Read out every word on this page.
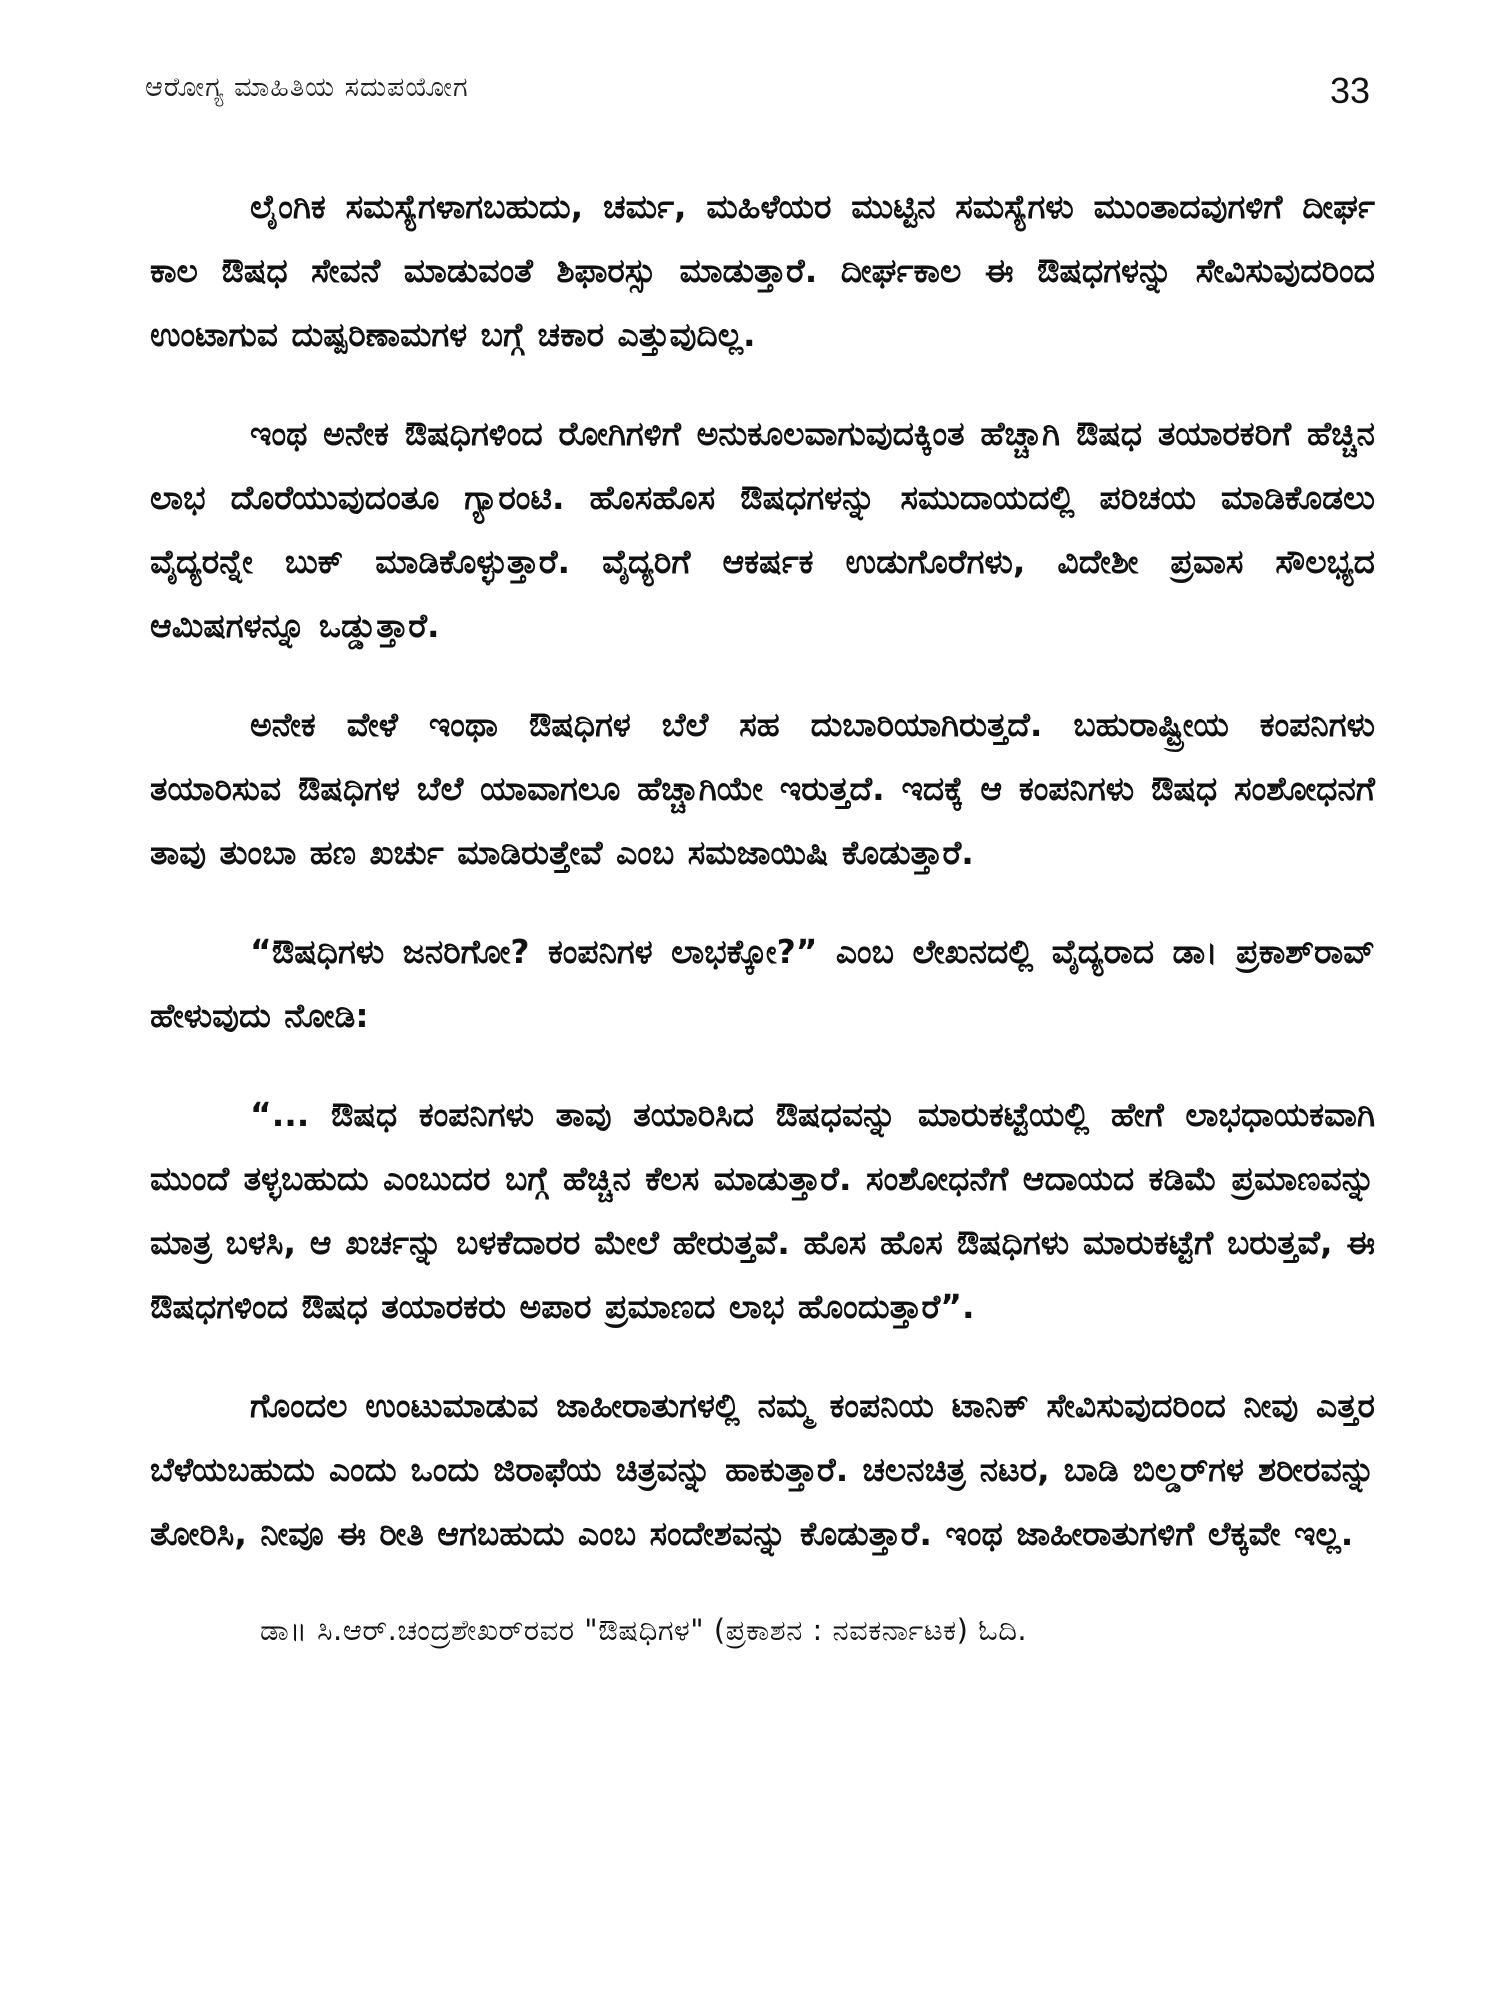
ಆರೋಗ್ಯ ಮಾಹಿತಿಯ ಸದುಪಯೋಗ	33

ಲೈಂಗಿಕ ಸಮಸ್ಯೆಗಳಾಗಬಹುದು, ಚರ್ಮ, ಮಹಿಳೆಯರ ಮುಟ್ಟಿನ ಸಮಸ್ಯೆಗಳು ಮುಂತಾದವುಗಳಿಗೆ ದೀರ್ಘ ಕಾಲ ಔಷಧ ಸೇವನೆ ಮಾಡುವಂತೆ ಶಿಫಾರಸ್ಸು ಮಾಡುತ್ತಾರೆ. ದೀರ್ಘಕಾಲ ಈ ಔಷಧಗಳನ್ನು ಸೇವಿಸುವುದರಿಂದ ಉಂಟಾಗುವ ದುಷ್ಪರಿಣಾಮಗಳ ಬಗ್ಗೆ ಚಕಾರ ಎತ್ತುವುದಿಲ್ಲ.

ಇಂಥ ಅನೇಕ ಔಷಧಿಗಳಿಂದ ರೋಗಿಗಳಿಗೆ ಅನುಕೂಲವಾಗುವುದಕ್ಕಿಂತ ಹೆಚ್ಚಾಗಿ ಔಷಧ ತಯಾರಕರಿಗೆ ಹೆಚ್ಚಿನ ಲಾಭ ದೊರೆಯುವುದಂತೂ ಗ್ಯಾರಂಟಿ. ಹೊಸಹೊಸ ಔಷಧಗಳನ್ನು ಸಮುದಾಯದಲ್ಲಿ ಪರಿಚಯ ಮಾಡಿಕೊಡಲು ವೈದ್ಯರನ್ನೇ ಬುಕ್ ಮಾಡಿಕೊಳ್ಳುತ್ತಾರೆ. ವೈದ್ಯರಿಗೆ ಆಕರ್ಷಕ ಉಡುಗೊರೆಗಳು, ವಿದೇಶೀ ಪ್ರವಾಸ ಸೌಲಭ್ಯದ ಆಮಿಷಗಳನ್ನೂ ಒಡ್ಡುತ್ತಾರೆ.

ಅನೇಕ ವೇಳೆ ಇಂಥಾ ಔಷಧಿಗಳ ಬೆಲೆ ಸಹ ದುಬಾರಿಯಾಗಿರುತ್ತದೆ. ಬಹುರಾಷ್ಟ್ರೀಯ ಕಂಪನಿಗಳು ತಯಾರಿಸುವ ಔಷಧಿಗಳ ಬೆಲೆ ಯಾವಾಗಲೂ ಹೆಚ್ಚಾಗಿಯೇ ಇರುತ್ತದೆ. ಇದಕ್ಕೆ ಆ ಕಂಪನಿಗಳು ಔಷಧ ಸಂಶೋಧನಗೆ ತಾವು ತುಂಬಾ ಹಣ ಖರ್ಚು ಮಾಡಿರುತ್ತೇವೆ ಎಂಬ ಸಮಜಾಯಿಷಿ ಕೊಡುತ್ತಾರೆ.

“ಔಷಧಿಗಳು ಜನರಿಗೋ? ಕಂಪನಿಗಳ ಲಾಭಕ್ಕೋ?” ಎಂಬ ಲೇಖನದಲ್ಲಿ ವೈದ್ಯರಾದ ಡಾ। ಪ್ರಕಾಶ್‌ರಾವ್ ಹೇಳುವುದು ನೋಡಿ:

“... ಔಷಧ ಕಂಪನಿಗಳು ತಾವು ತಯಾರಿಸಿದ ಔಷಧವನ್ನು ಮಾರುಕಟ್ಟೆಯಲ್ಲಿ ಹೇಗೆ ಲಾಭಧಾಯಕವಾಗಿ ಮುಂದೆ ತಳ್ಳಬಹುದು ಎಂಬುದರ ಬಗ್ಗೆ ಹೆಚ್ಚಿನ ಕೆಲಸ ಮಾಡುತ್ತಾರೆ. ಸಂಶೋಧನೆಗೆ ಆದಾಯದ ಕಡಿಮೆ ಪ್ರಮಾಣವನ್ನು ಮಾತ್ರ ಬಳಸಿ, ಆ ಖರ್ಚನ್ನು ಬಳಕೆದಾರರ ಮೇಲೆ ಹೇರುತ್ತವೆ. ಹೊಸ ಹೊಸ ಔಷಧಿಗಳು ಮಾರುಕಟ್ಟೆಗೆ ಬರುತ್ತವೆ, ಈ ಔಷಧಗಳಿಂದ ಔಷಧ ತಯಾರಕರು ಅಪಾರ ಪ್ರಮಾಣದ ಲಾಭ ಹೊಂದುತ್ತಾರೆ”.

ಗೊಂದಲ ಉಂಟುಮಾಡುವ ಜಾಹೀರಾತುಗಳಲ್ಲಿ ನಮ್ಮ ಕಂಪನಿಯ ಟಾನಿಕ್ ಸೇವಿಸುವುದರಿಂದ ನೀವು ಎತ್ತರ ಬೆಳೆಯಬಹುದು ಎಂದು ಒಂದು ಜಿರಾಫೆಯ ಚಿತ್ರವನ್ನು ಹಾಕುತ್ತಾರೆ. ಚಲನಚಿತ್ರ ನಟರ, ಬಾಡಿ ಬಿಲ್ಡರ್‌ಗಳ ಶರೀರವನ್ನು ತೋರಿಸಿ, ನೀವೂ ಈ ರೀತಿ ಆಗಬಹುದು ಎಂಬ ಸಂದೇಶವನ್ನು ಕೊಡುತ್ತಾರೆ. ಇಂಥ ಜಾಹೀರಾತುಗಳಿಗೆ ಲೆಕ್ಕವೇ ಇಲ್ಲ.

ಡಾ॥ ಸಿ.ಆರ್.ಚಂದ್ರಶೇಖರ್‌ರವರ "ಔಷಧಿಗಳ" (ಪ್ರಕಾಶನ : ನವಕರ್ನಾಟಕ) ಓದಿ.
